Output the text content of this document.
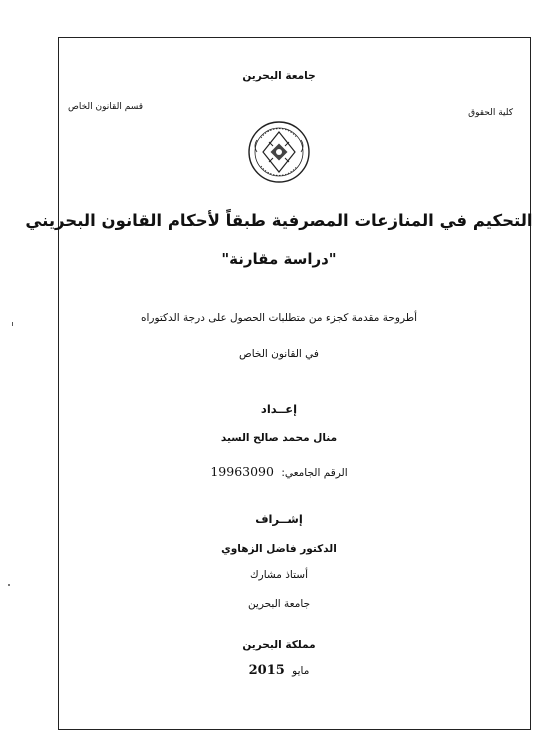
جامعة البحرين
كلية الحقوق
قسم القانون الخاص
التحكيم في المنازعات المصرفية طبقاً لأحكام القانون البحريني
"دراسة مقارنة"
أطروحة مقدمة كجزء من متطلبات الحصول على درجة الدكتوراه
في القانون الخاص
إعــداد
منال محمد صالح السيد
الرقم الجامعي: 19963090
إشــراف
الدكتور فاضل الزهاوي
أستاذ مشارك
جامعة البحرين
مملكة البحرين
مايو 2015
